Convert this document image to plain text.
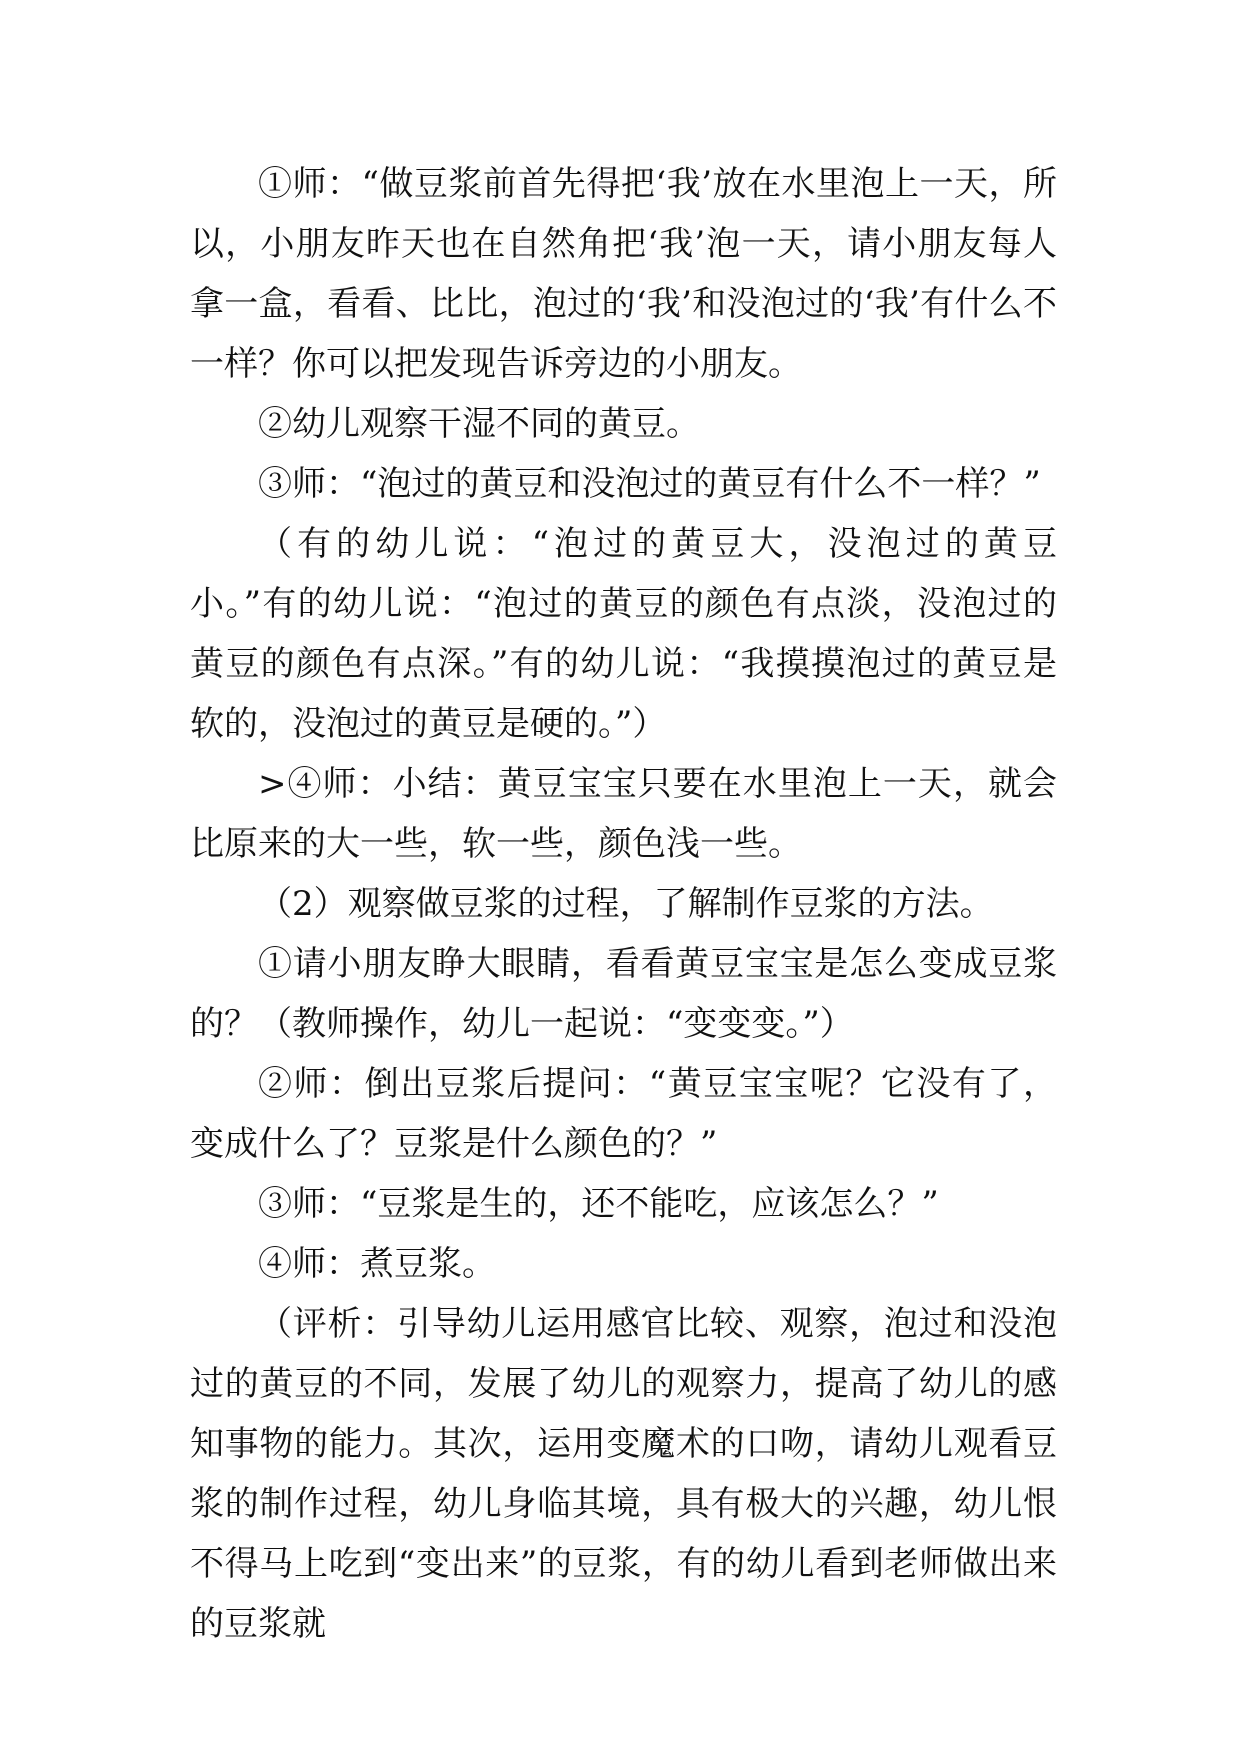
①师：“做豆浆前首先得把‘我’放在水里泡上一天，所以，小朋友昨天也在自然角把‘我’泡一天，请小朋友每人拿一盒，看看、比比，泡过的‘我’和没泡过的‘我’有什么不一样？你可以把发现告诉旁边的小朋友。

②幼儿观察干湿不同的黄豆。

③师：“泡过的黄豆和没泡过的黄豆有什么不一样？”

（有的幼儿说：“泡过的黄豆大，没泡过的黄豆小。”有的幼儿说：“泡过的黄豆的颜色有点淡，没泡过的黄豆的颜色有点深。”有的幼儿说：“我摸摸泡过的黄豆是软的，没泡过的黄豆是硬的。”）

>④师：小结：黄豆宝宝只要在水里泡上一天，就会比原来的大一些，软一些，颜色浅一些。

（2）观察做豆浆的过程，了解制作豆浆的方法。

①请小朋友睁大眼睛，看看黄豆宝宝是怎么变成豆浆的？（教师操作，幼儿一起说：“变变变。”）

②师：倒出豆浆后提问：“黄豆宝宝呢？它没有了，变成什么了？豆浆是什么颜色的？”

③师：“豆浆是生的，还不能吃，应该怎么？”

④师：煮豆浆。

（评析：引导幼儿运用感官比较、观察，泡过和没泡过的黄豆的不同，发展了幼儿的观察力，提高了幼儿的感知事物的能力。其次，运用变魔术的口吻，请幼儿观看豆浆的制作过程，幼儿身临其境，具有极大的兴趣，幼儿恨不得马上吃到“变出来”的豆浆，有的幼儿看到老师做出来的豆浆就
